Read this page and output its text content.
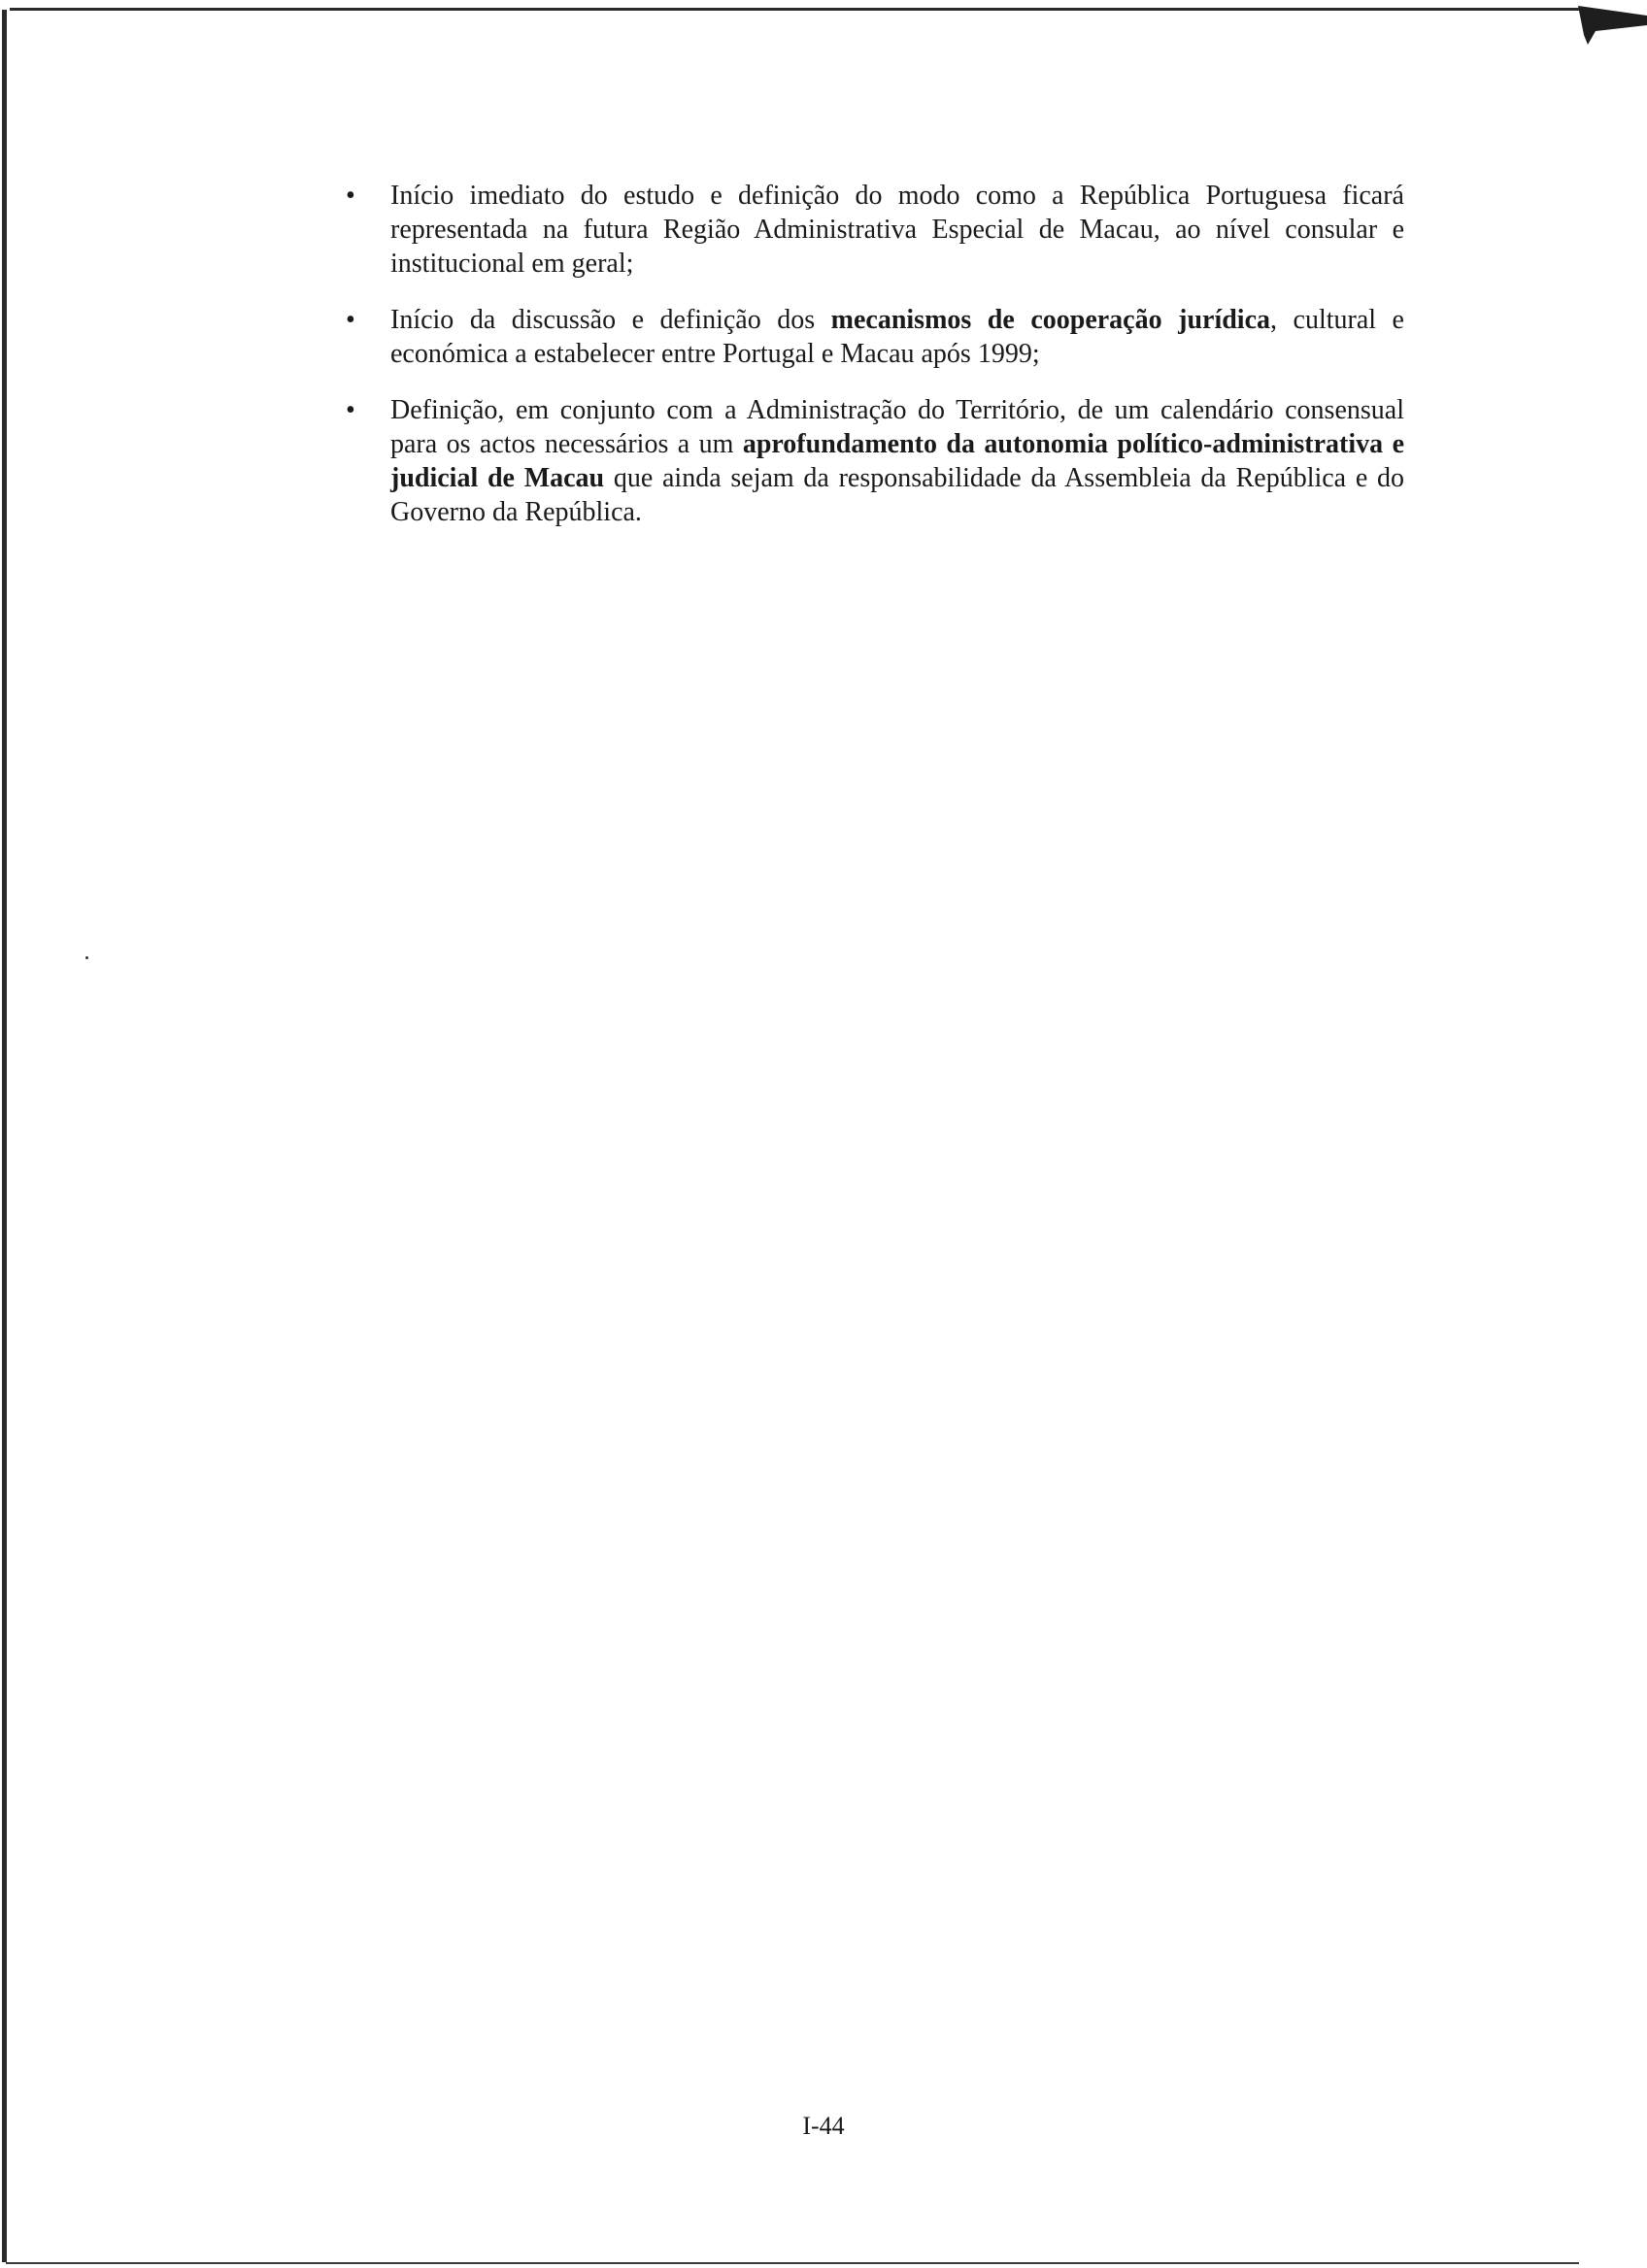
•	Início imediato do estudo e definição do modo como a República Portuguesa ficará representada na futura Região Administrativa Especial de Macau, ao nível consular e institucional em geral;
•	Início da discussão e definição dos mecanismos de cooperação jurídica, cultural e económica a estabelecer entre Portugal e Macau após 1999;
•	Definição, em conjunto com a Administração do Território, de um calendário consensual para os actos necessários a um aprofundamento da autonomia político-administrativa e judicial de Macau que ainda sejam da responsabilidade da Assembleia da República e do Governo da República.
I-44
